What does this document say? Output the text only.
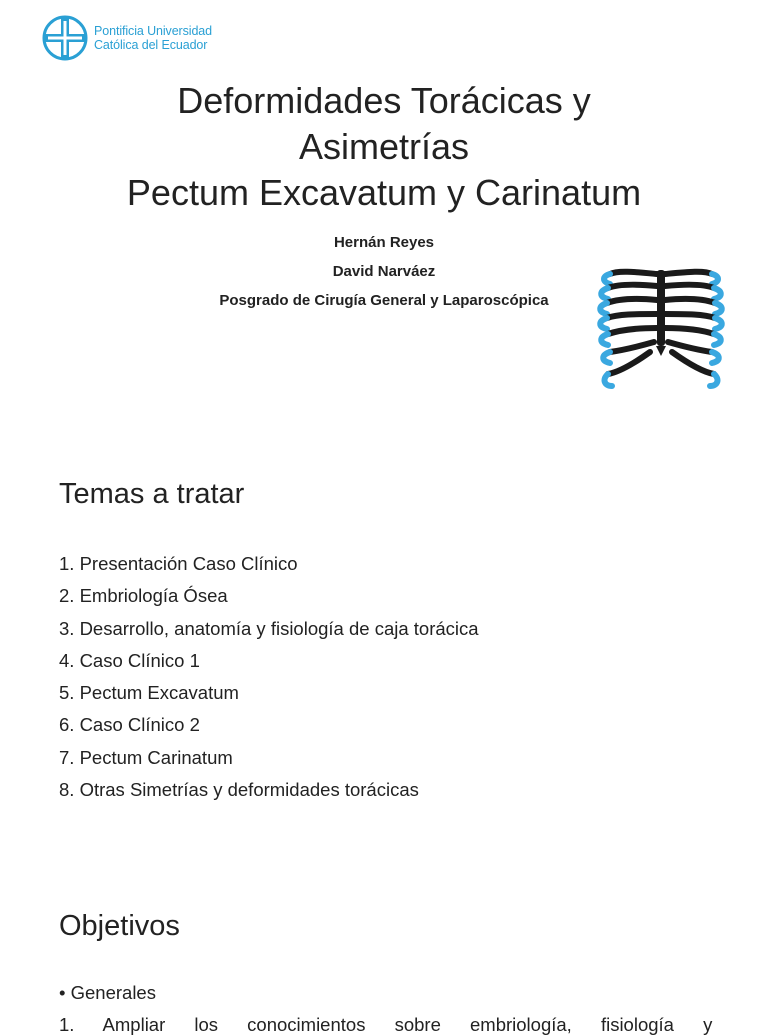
Pontificia Universidad
Católica del Ecuador
Deformidades Torácicas y
Asimetrías
Pectum Excavatum y Carinatum
Hernán Reyes
David Narváez
Posgrado de Cirugía General y Laparoscópica
Temas a tratar
1. Presentación Caso Clínico
2. Embriología Ósea
3. Desarrollo, anatomía y fisiología de caja torácica
4. Caso Clínico 1
5. Pectum Excavatum
6. Caso Clínico 2
7. Pectum Carinatum
8. Otras Simetrías y deformidades torácicas
Objetivos
• Generales
1. Ampliar los conocimientos sobre embriología, fisiología y
